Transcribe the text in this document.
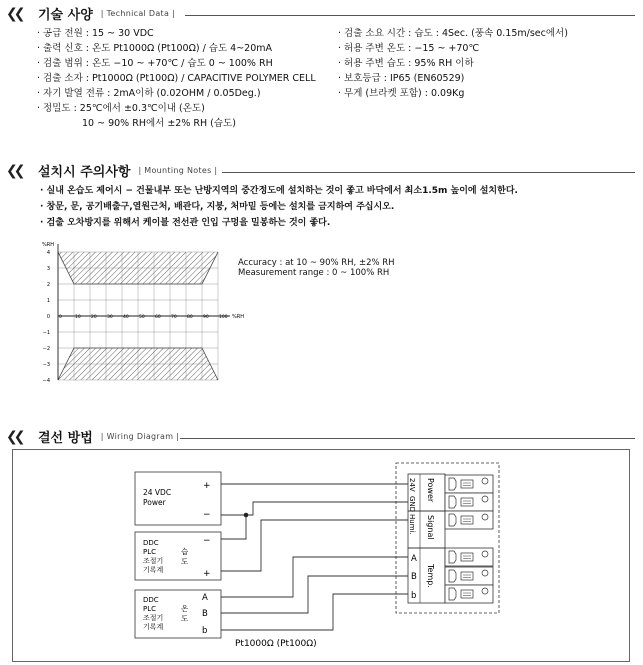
❮❮	기술 사양 | Technical Data |
· 공급 전원 : 15 ~ 30 VDC
· 출력 신호 : 온도 Pt1000Ω (Pt100Ω) / 습도 4~20mA
· 검출 범위 : 온도 −10 ~ +70℃ / 습도 0 ~ 100% RH
· 검출 소자 : Pt1000Ω (Pt100Ω) / CAPACITIVE POLYMER CELL
· 자기 발열 전류 : 2mA이하 (0.02OHM / 0.05Deg.)
· 정밀도 : 25℃에서 ±0.3℃이내 (온도)
10 ~ 90% RH에서 ±2% RH (습도)
· 검출 소요 시간 : 습도 : 4Sec. (풍속 0.15m/sec에서)
· 허용 주변 온도 : −15 ~ +70℃
· 허용 주변 습도 : 95% RH 이하
· 보호등급 : IP65 (EN60529)
· 무게 (브라켓 포함) : 0.09Kg
❮❮	설치시 주의사항 | Mounting Notes |
· 실내 온습도 제어시 − 건물내부 또는 난방지역의 중간정도에 설치하는 것이 좋고 바닥에서 최소1.5m 높이에 설치한다.
· 창문, 문, 공기배출구,열원근처, 배관다, 지붕, 처마밑 등에는 설치를 금지하여 주십시오.
· 검출 오차방지를 위해서 케이블 전선관 인입 구멍을 밀봉하는 것이 좋다.
%RH
%RH
4
3
2
1
0
−1
−2
−3
−4
0	10 20 30 40 50 60 70 80 90 100
Accuracy : at 10 ~ 90% RH, ±2% RH
Measurement range : 0 ~ 100% RH
❮❮	결선 방법 | Wiring Diagram |
24 VDC
Power
+
−
DDC
PLC
조절기
기록계
습
도
−
+
DDC
PLC
조절기
기록계
온
도
A
B
b
24V
GND
Humi.
Power
Signal
Temp.
A
B
b
Pt1000Ω (Pt100Ω)
